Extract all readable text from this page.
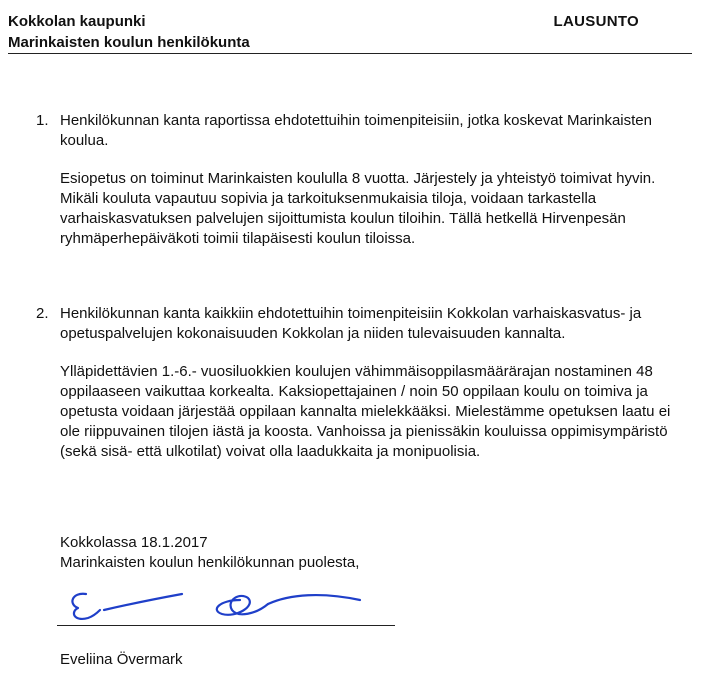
Kokkolan kaupunki
Marinkaisten koulun henkilökunta
LAUSUNTO
1. Henkilökunnan kanta raportissa ehdotettuihin toimenpiteisiin, jotka koskevat Marinkaisten koulua.

Esiopetus on toiminut Marinkaisten koululla 8 vuotta. Järjestely ja yhteistyö toimivat hyvin. Mikäli kouluta vapautuu sopivia ja tarkoituksenmukaisia tiloja, voidaan tarkastella varhaiskasvatuksen palvelujen sijoittumista koulun tiloihin. Tällä hetkellä Hirvenpesän ryhmäperhepäiväkoti toimii tilapäisesti koulun tiloissa.

2. Henkilökunnan kanta kaikkiin ehdotettuihin toimenpiteisiin Kokkolan varhaiskasvatus- ja opetuspalvelujen kokonaisuuden Kokkolan ja niiden tulevaisuuden kannalta.

Ylläpidettävien 1.-6.- vuosiluokkien koulujen vähimmäisoppilasmäärärajan nostaminen 48 oppilaaseen vaikuttaa korkealta. Kaksiopettajainen / noin 50 oppilaan koulu on toimiva ja opetusta voidaan järjestää oppilaan kannalta mielekkääksi. Mielestämme opetuksen laatu ei ole riippuvainen tilojen iästä ja koosta. Vanhoissa ja pienissäkin kouluissa oppimisympäristö (sekä sisä- että ulkotilat) voivat olla laadukkaita ja monipuolisia.

Kokkolassa 18.1.2017
Marinkaisten koulun henkilökunnan puolesta,
Eveliina Övermark
